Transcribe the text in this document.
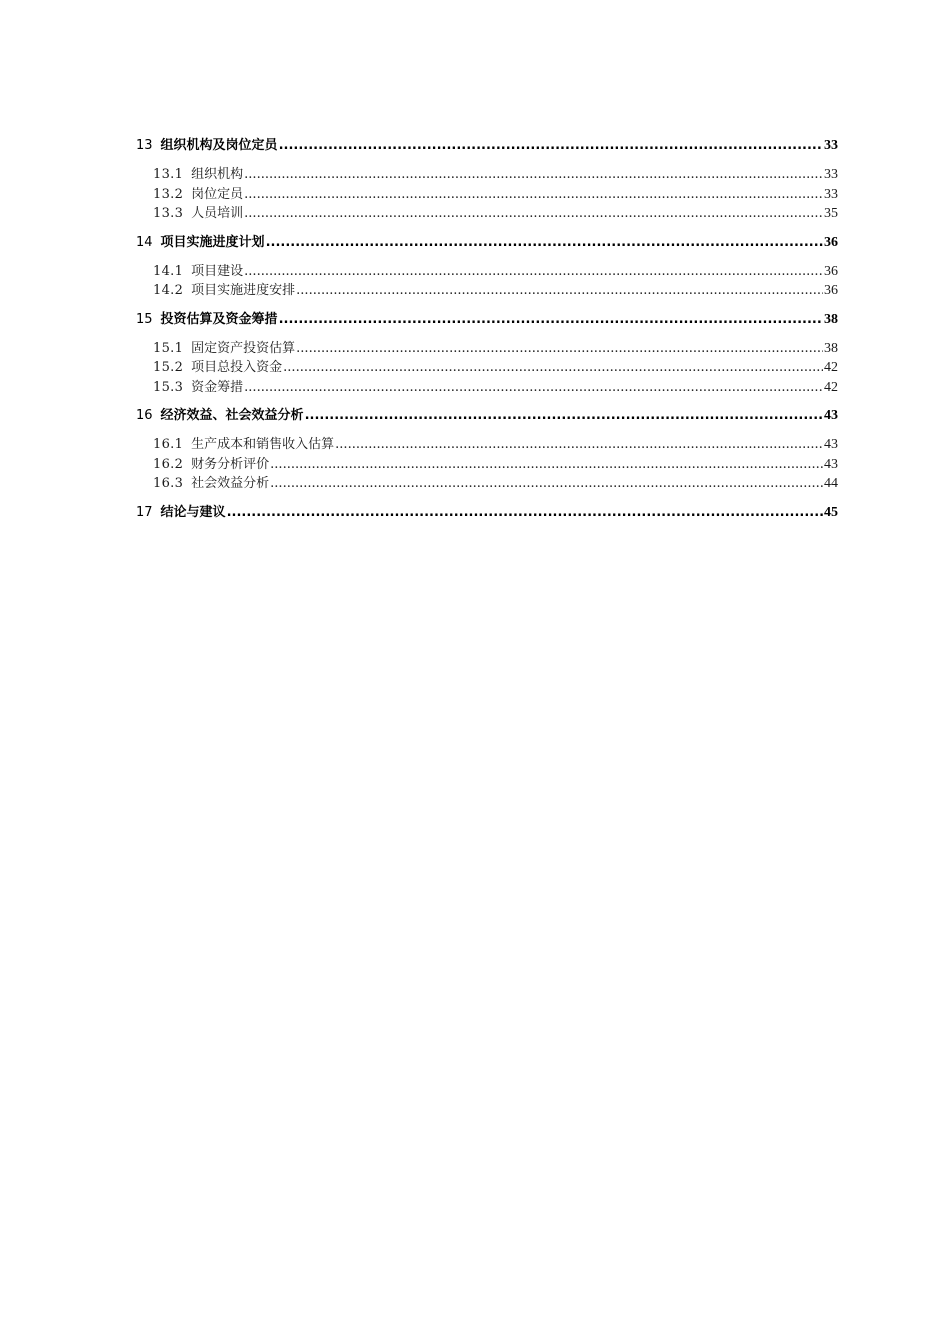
13 组织机构及岗位定员 .....	33
13.1 组织机构 .....	33
13.2 岗位定员 .....	33
13.3 人员培训 .....	35
14 项目实施进度计划 .....	36
14.1 项目建设 .....	36
14.2 项目实施进度安排 .....	36
15 投资估算及资金筹措 .....	38
15.1 固定资产投资估算 .....	38
15.2 项目总投入资金 .....	42
15.3 资金筹措 .....	42
16 经济效益、社会效益分析 .....	43
16.1 生产成本和销售收入估算 .....	43
16.2 财务分析评价 .....	43
16.3 社会效益分析 .....	44
17 结论与建议 .....	45
